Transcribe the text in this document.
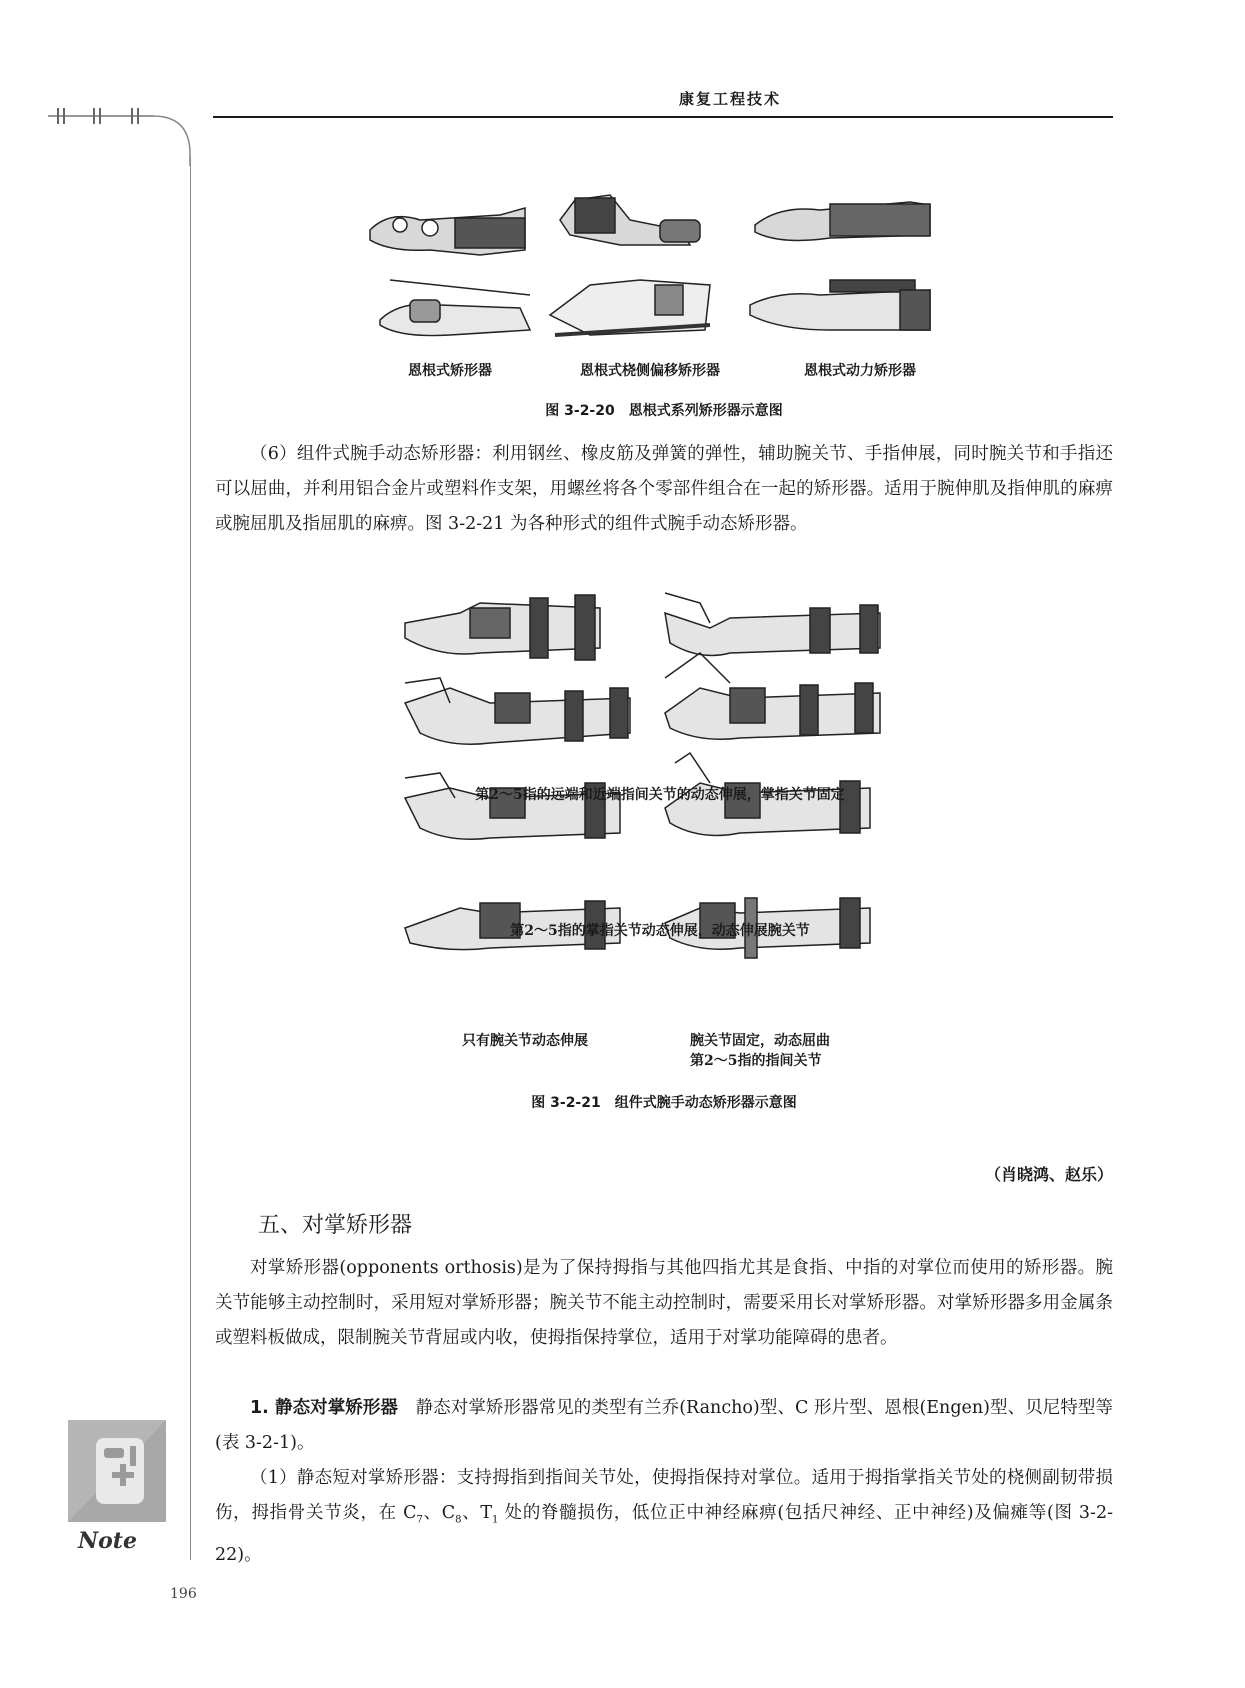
康复工程技术
恩根式矫形器	恩根式桡侧偏移矫形器	恩根式动力矫形器
图 3-2-20　恩根式系列矫形器示意图
（6）组件式腕手动态矫形器：利用钢丝、橡皮筋及弹簧的弹性，辅助腕关节、手指伸展，同时腕关节和手指还可以屈曲，并利用铝合金片或塑料作支架，用螺丝将各个零部件组合在一起的矫形器。适用于腕伸肌及指伸肌的麻痹或腕屈肌及指屈肌的麻痹。图 3-2-21 为各种形式的组件式腕手动态矫形器。
第2～5指的远端和近端指间关节的动态伸展，掌指关节固定
第2～5指的掌指关节动态伸展，动态伸展腕关节
只有腕关节动态伸展	腕关节固定，动态屈曲
第2～5指的指间关节
图 3-2-21　组件式腕手动态矫形器示意图
（肖晓鸿、赵乐）
五、对掌矫形器
对掌矫形器(opponents orthosis)是为了保持拇指与其他四指尤其是食指、中指的对掌位而使用的矫形器。腕关节能够主动控制时，采用短对掌矫形器；腕关节不能主动控制时，需要采用长对掌矫形器。对掌矫形器多用金属条或塑料板做成，限制腕关节背屈或内收，使拇指保持掌位，适用于对掌功能障碍的患者。
1. 静态对掌矫形器　静态对掌矫形器常见的类型有兰乔(Rancho)型、C 形片型、恩根(Engen)型、贝尼特型等(表 3-2-1)。
（1）静态短对掌矫形器：支持拇指到指间关节处，使拇指保持对掌位。适用于拇指掌指关节处的桡侧副韧带损伤，拇指骨关节炎，在 $C_7$、$C_8$、$T_1$ 处的脊髓损伤，低位正中神经麻痹(包括尺神经、正中神经)及偏瘫等(图 3-2-22)。
Note
196
